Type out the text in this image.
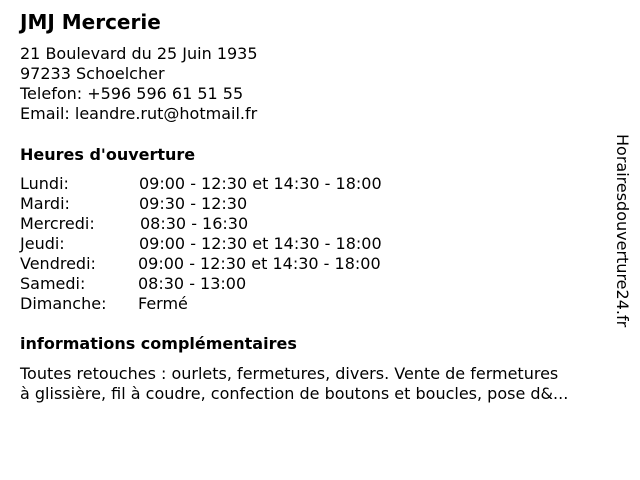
JMJ Mercerie
21 Boulevard du 25 Juin 1935
97233 Schoelcher
Telefon: +596 596 61 51 55
Email: leandre.rut@hotmail.fr
Heures d'ouverture
Lundi:	09:00 - 12:30 et 14:30 - 18:00
Mardi:	09:30 - 12:30
Mercredi:	08:30 - 16:30
Jeudi:	09:00 - 12:30 et 14:30 - 18:00
Vendredi:	09:00 - 12:30 et 14:30 - 18:00
Samedi:	08:30 - 13:00
Dimanche: Fermé
informations complémentaires
Toutes retouches : ourlets, fermetures, divers. Vente de fermetures
à glissière, fil à coudre, confection de boutons et boucles, pose d&...
Horairesdouverture24.fr
